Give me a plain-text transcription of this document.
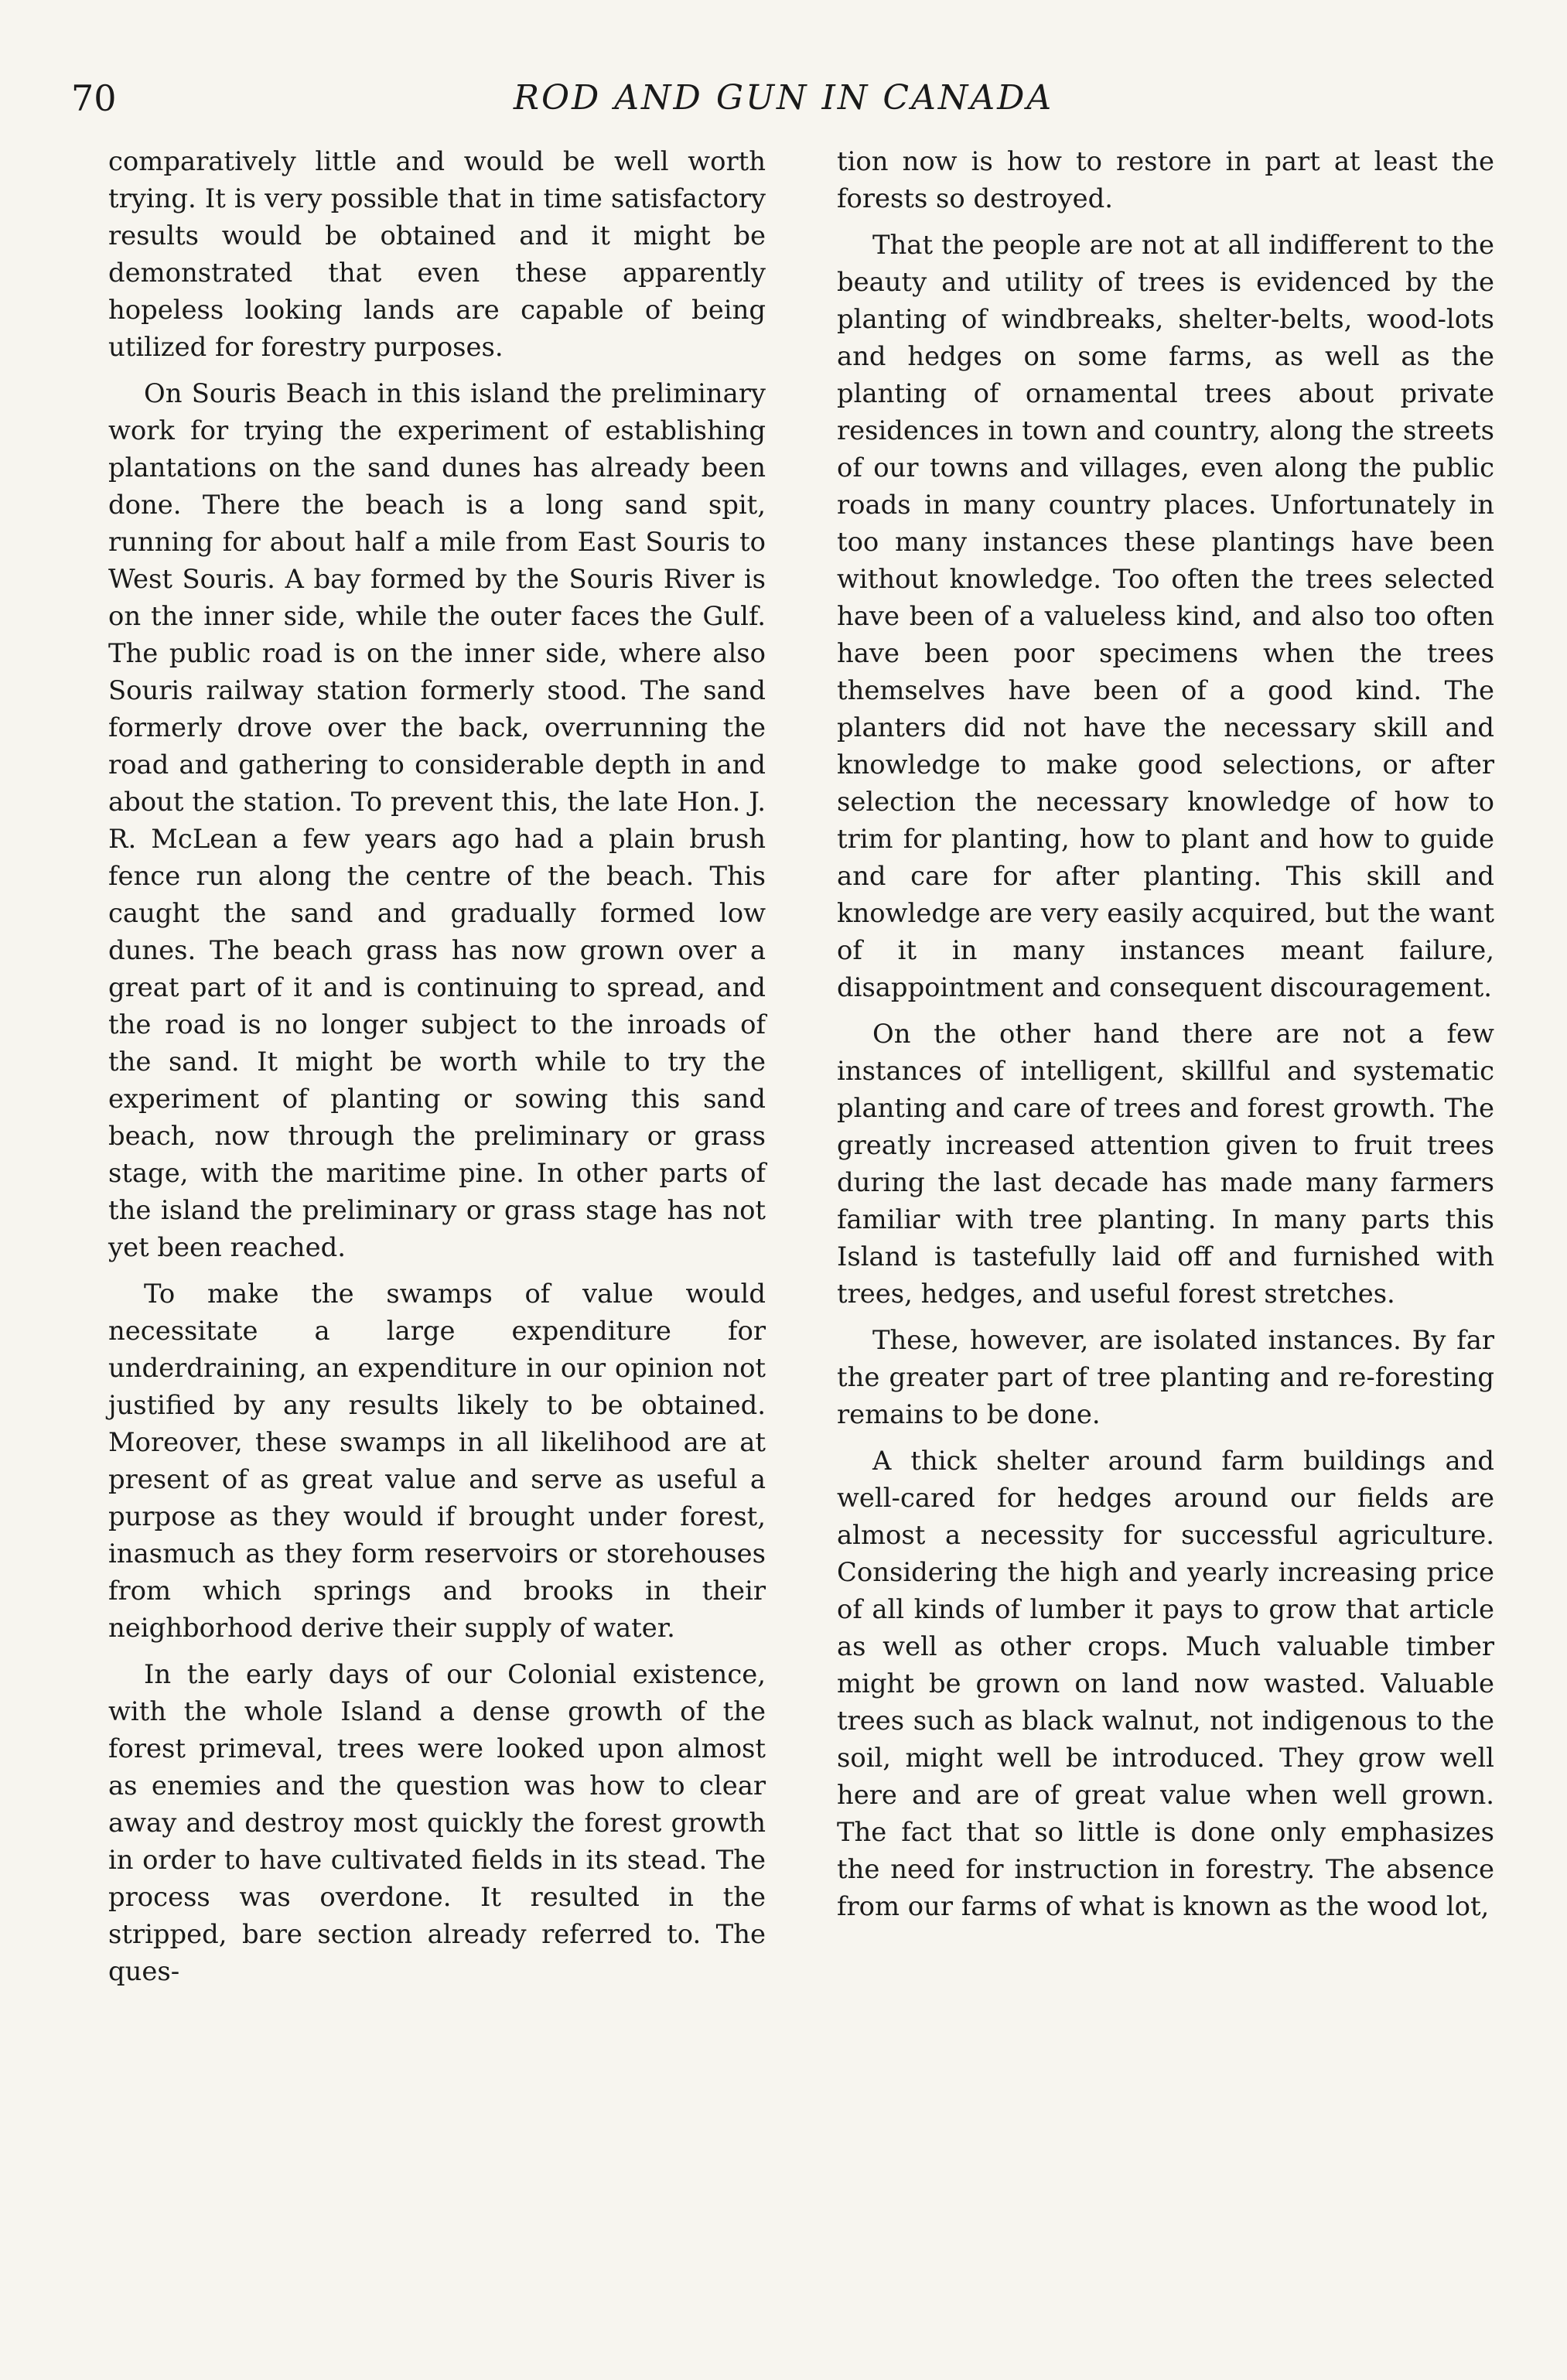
70	ROD AND GUN IN CANADA

comparatively little and would be well worth trying. It is very possible that in time satisfactory results would be obtained and it might be demonstrated that even these apparently hopeless looking lands are capable of being utilized for forestry purposes.

On Souris Beach in this island the preliminary work for trying the experiment of establishing plantations on the sand dunes has already been done. There the beach is a long sand spit, running for about half a mile from East Souris to West Souris. A bay formed by the Souris River is on the inner side, while the outer faces the Gulf. The public road is on the inner side, where also Souris railway station formerly stood. The sand formerly drove over the back, overrunning the road and gathering to considerable depth in and about the station. To prevent this, the late Hon. J. R. McLean a few years ago had a plain brush fence run along the centre of the beach. This caught the sand and gradually formed low dunes. The beach grass has now grown over a great part of it and is continuing to spread, and the road is no longer subject to the inroads of the sand. It might be worth while to try the experiment of planting or sowing this sand beach, now through the preliminary or grass stage, with the maritime pine. In other parts of the island the preliminary or grass stage has not yet been reached.

To make the swamps of value would necessitate a large expenditure for underdraining, an expenditure in our opinion not justified by any results likely to be obtained. Moreover, these swamps in all likelihood are at present of as great value and serve as useful a purpose as they would if brought under forest, inasmuch as they form reservoirs or storehouses from which springs and brooks in their neighborhood derive their supply of water.

In the early days of our Colonial existence, with the whole Island a dense growth of the forest primeval, trees were looked upon almost as enemies and the question was how to clear away and destroy most quickly the forest growth in order to have cultivated fields in its stead. The process was overdone. It resulted in the stripped, bare section already referred to. The ques-

tion now is how to restore in part at least the forests so destroyed.

That the people are not at all indifferent to the beauty and utility of trees is evidenced by the planting of windbreaks, shelter-belts, wood-lots and hedges on some farms, as well as the planting of ornamental trees about private residences in town and country, along the streets of our towns and villages, even along the public roads in many country places. Unfortunately in too many instances these plantings have been without knowledge. Too often the trees selected have been of a valueless kind, and also too often have been poor specimens when the trees themselves have been of a good kind. The planters did not have the necessary skill and knowledge to make good selections, or after selection the necessary knowledge of how to trim for planting, how to plant and how to guide and care for after planting. This skill and knowledge are very easily acquired, but the want of it in many instances meant failure, disappointment and consequent discouragement.

On the other hand there are not a few instances of intelligent, skillful and systematic planting and care of trees and forest growth. The greatly increased attention given to fruit trees during the last decade has made many farmers familiar with tree planting. In many parts this Island is tastefully laid off and furnished with trees, hedges, and useful forest stretches.

These, however, are isolated instances. By far the greater part of tree planting and re-foresting remains to be done.

A thick shelter around farm buildings and well-cared for hedges around our fields are almost a necessity for successful agriculture. Considering the high and yearly increasing price of all kinds of lumber it pays to grow that article as well as other crops. Much valuable timber might be grown on land now wasted. Valuable trees such as black walnut, not indigenous to the soil, might well be introduced. They grow well here and are of great value when well grown. The fact that so little is done only emphasizes the need for instruction in forestry. The absence from our farms of what is known as the wood lot,
